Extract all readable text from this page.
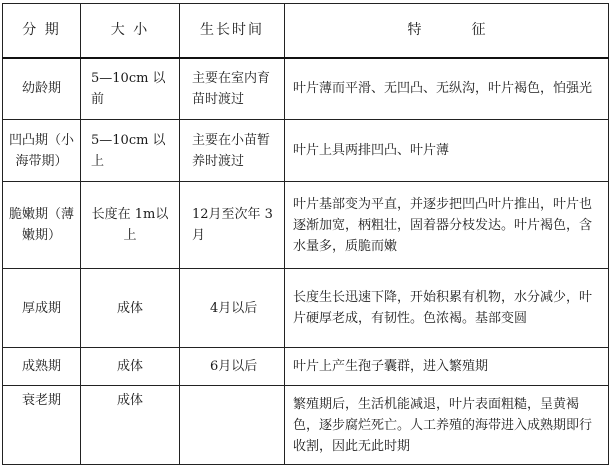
分 期	大 小	生长时间	特征
幼龄期	5—10cm 以前	主要在室内育苗时渡过	叶片薄而平滑、无凹凸、无纵沟，叶片褐色，怕强光
凹凸期（小海带期）	5—10cm 以上	主要在小苗暂养时渡过	叶片上具两排凹凸、叶片薄
脆嫩期（薄嫩期）	长度在 1m以上	12月至次年 3月	叶片基部变为平直，并逐步把凹凸叶片推出，叶片也逐渐加宽，柄粗壮，固着器分枝发达。叶片褐色，含水量多，质脆而嫩
厚成期	成体	4月以后	长度生长迅速下降，开始积累有机物，水分减少，叶片硬厚老成，有韧性。色浓褐。基部变圆
成熟期	成体	6月以后	叶片上产生孢子囊群，进入繁殖期
衰老期	成体		繁殖期后，生活机能减退，叶片表面粗糙，呈黄褐色，逐步腐烂死亡。人工养殖的海带进入成熟期即行收割，因此无此时期
